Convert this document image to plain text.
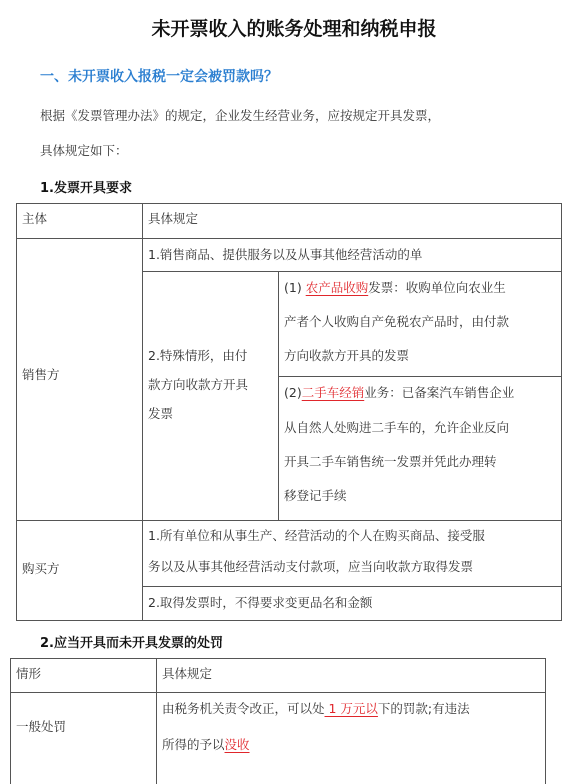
未开票收入的账务处理和纳税申报
一、未开票收入报税一定会被罚款吗？
根据《发票管理办法》的规定，企业发生经营业务，应按规定开具发票，
具体规定如下：
1.发票开具要求
主体	具体规定
销售方
1.销售商品、提供服务以及从事其他经营活动的单
2.特殊情形，由付
款方向收款方开具
发票
(1) 农产品收购发票：收购单位向农业生
产者个人收购自产免税农产品时，由付款
方向收款方开具的发票
(2)二手车经销业务：已备案汽车销售企业
从自然人处购进二手车的，允许企业反向
开具二手车销售统一发票并凭此办理转
移登记手续
购买方
1.所有单位和从事生产、经营活动的个人在购买商品、接受服
务以及从事其他经营活动支付款项，应当向收款方取得发票
2.取得发票时，不得要求变更品名和金额
2.应当开具而未开具发票的处罚
情形	具体规定
一般处罚
由税务机关责令改正，可以处 1 万元以下的罚款;有违法
所得的予以没收
